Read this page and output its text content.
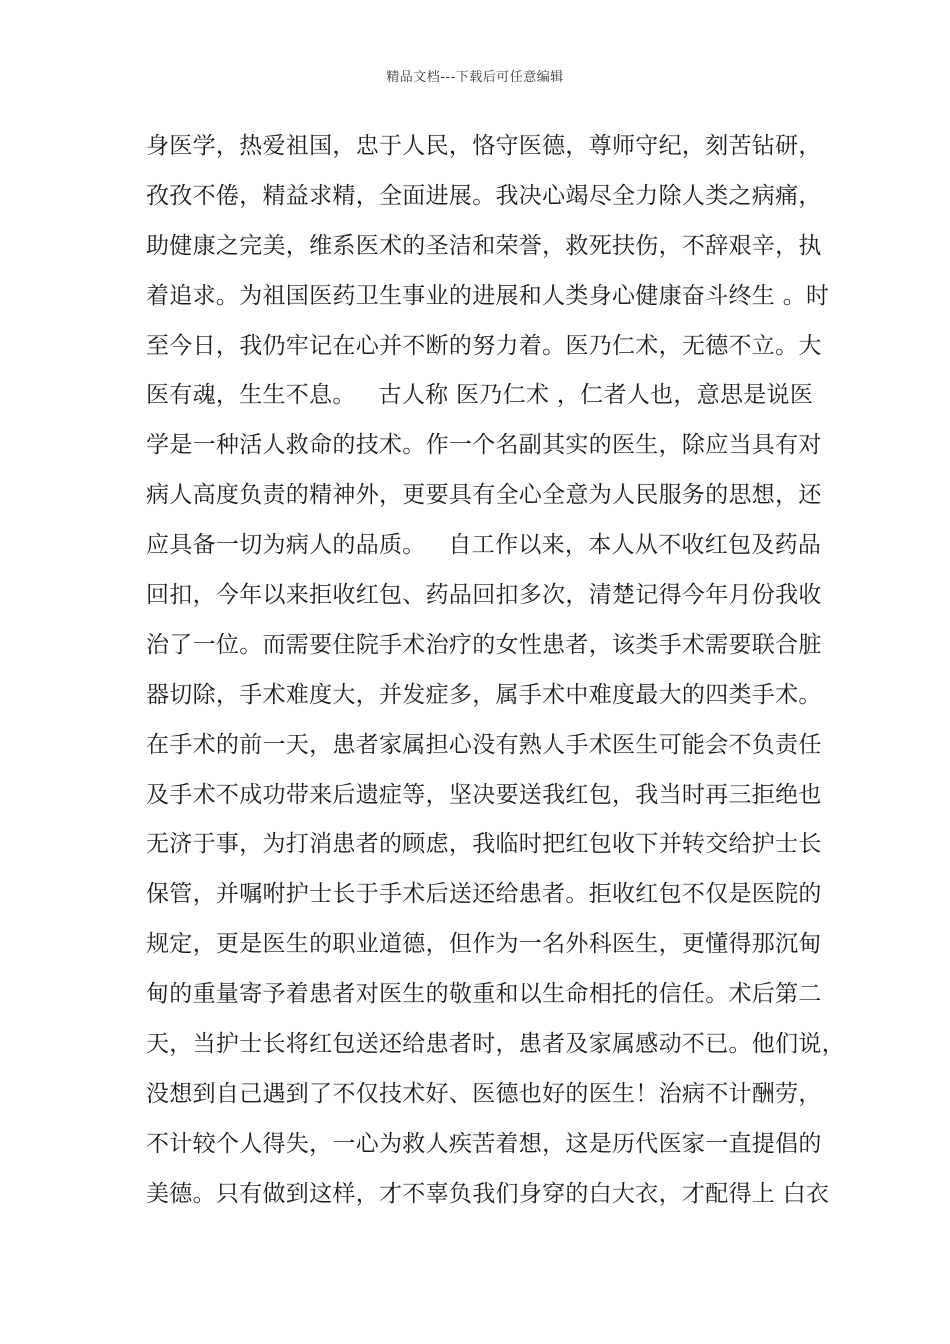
精品文档---下载后可任意编辑
身医学，热爱祖国，忠于人民，恪守医德，尊师守纪，刻苦钻研，
孜孜不倦，精益求精，全面进展。我决心竭尽全力除人类之病痛，
助健康之完美，维系医术的圣洁和荣誉，救死扶伤，不辞艰辛，执
着追求。为祖国医药卫生事业的进展和人类身心健康奋斗终生 。时
至今日，我仍牢记在心并不断的努力着。医乃仁术，无德不立。大
医有魂，生生不息。   古人称 医乃仁术 ，仁者人也，意思是说医
学是一种活人救命的技术。作一个名副其实的医生，除应当具有对
病人高度负责的精神外，更要具有全心全意为人民服务的思想，还
应具备一切为病人的品质。   自工作以来，本人从不收红包及药品
回扣，今年以来拒收红包、药品回扣多次，清楚记得今年月份我收
治了一位。而需要住院手术治疗的女性患者，该类手术需要联合脏
器切除，手术难度大，并发症多，属手术中难度最大的四类手术。
在手术的前一天，患者家属担心没有熟人手术医生可能会不负责任
及手术不成功带来后遗症等，坚决要送我红包，我当时再三拒绝也
无济于事，为打消患者的顾虑，我临时把红包收下并转交给护士长
保管，并嘱咐护士长于手术后送还给患者。拒收红包不仅是医院的
规定，更是医生的职业道德，但作为一名外科医生，更懂得那沉甸
甸的重量寄予着患者对医生的敬重和以生命相托的信任。术后第二
天，当护士长将红包送还给患者时，患者及家属感动不已。他们说，
没想到自己遇到了不仅技术好、医德也好的医生！治病不计酬劳，
不计较个人得失，一心为救人疾苦着想，这是历代医家一直提倡的
美德。只有做到这样，才不辜负我们身穿的白大衣，才配得上 白衣
